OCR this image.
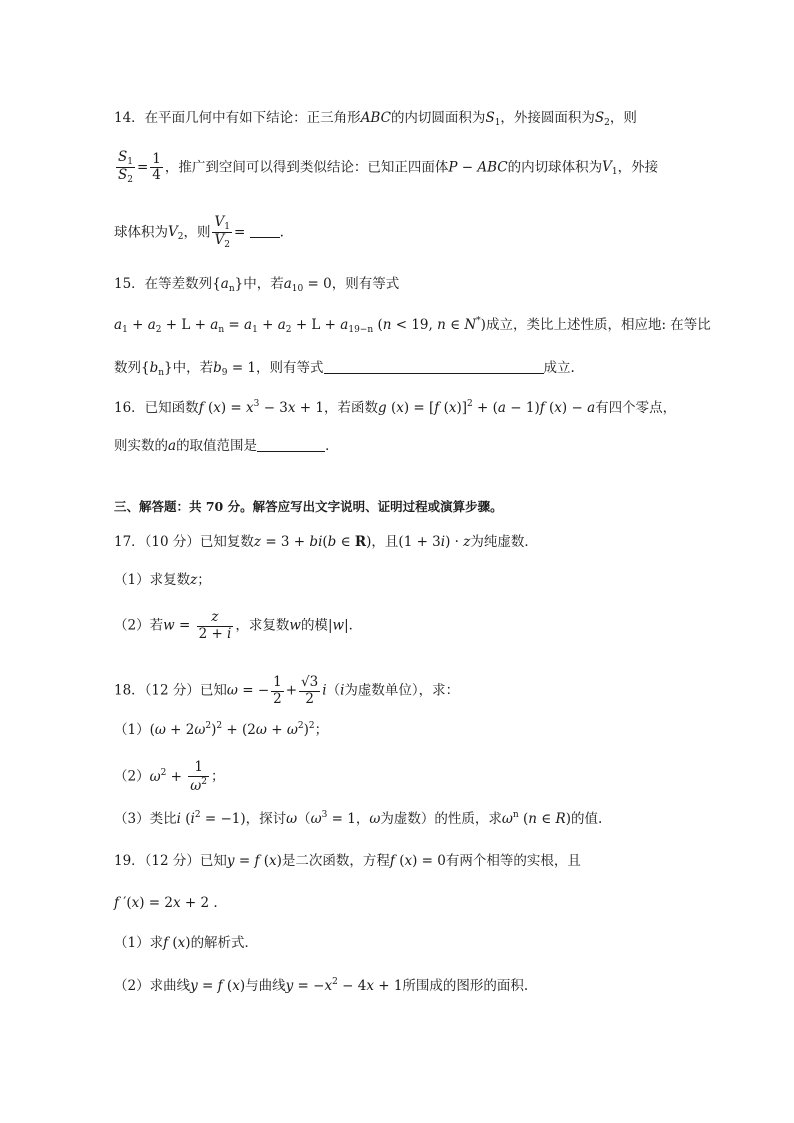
14．在平面几何中有如下结论：正三角形ABC的内切圆面积为$S_1$，外接圆面积为$S_2$，则
$\frac{S_1}{S_2} = \frac{1}{4}$ ，推广到空间可以得到类似结论：已知正四面体P − ABC的内切球体积为$V_1$，外接
球体积为$V_2$，则 $\frac{V_1}{V_2}$ = .
15．在等差数列$\{a_n\}$中，若$a_{10} = 0$，则有等式
$a_1 + a_2 + L + a_n = a_1 + a_2 + L + a_{19-n}$ (n < 19, n ∈ N*)成立，类比上述性质，相应地: 在等比
数列$\{b_n\}$中，若$b_9 = 1$，则有等式	成立.
16．已知函数f $(x) = x^3 - 3x + 1$，若函数g (x) = [f (x)]$^2$ + (a − 1)f (x) − a有四个零点，
则实数的a的取值范围是	．
三、解答题：共 70 分。解答应写出文字说明、证明过程或演算步骤。
17．（10 分）已知复数z = 3 + bi(b ∈ R)，且(1 + 3i) · z为纯虚数．
（1）求复数z；
（2）若$w = \frac{z}{2 + i}$ ，求复数w的模|w|．
18．（12 分）已知ω = − $\frac{1}{2} + \frac{√3}{2} i(i$为虚数单位），求：
$(1)(\omega + 2\omega^2)^2 + (2\omega + \omega^2)^2$；
$(2)\omega^2 + \frac{1}{\omega^2}$ ；
（3）类比i $(i^2 = -1)$，探讨$\omega(\omega^3 = 1$，ω为虚数）的性质，求$\omega^n$ (n ∈ R)的值.
19．（12 分）已知y = f (x)是二次函数，方程f (x) = 0有两个相等的实根，且
f ′(x) = 2x + 2 .
（1）求f (x)的解析式．
（2）求曲线y = f (x)与曲线$y = -x^2 - 4x + 1$所围成的图形的面积.
